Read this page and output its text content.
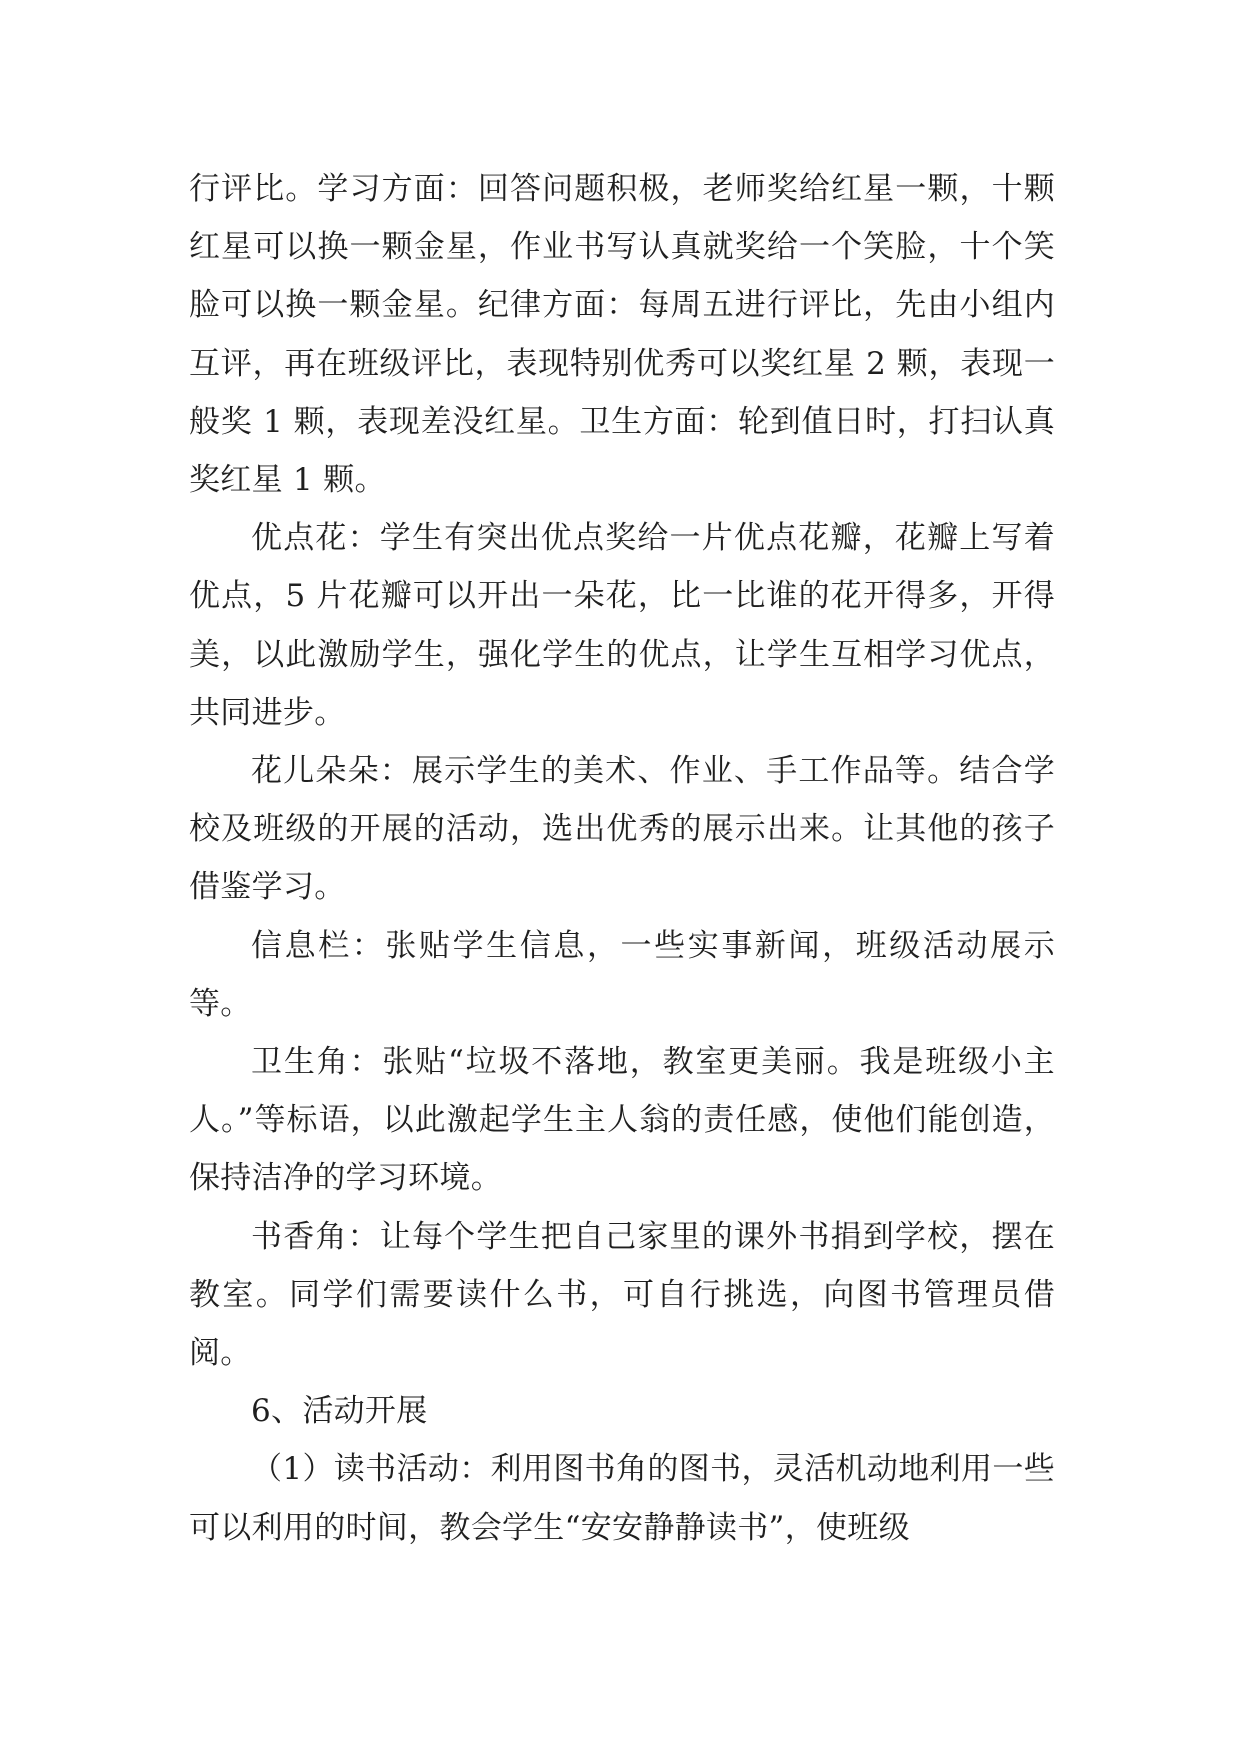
行评比。学习方面：回答问题积极，老师奖给红星一颗，十颗红星可以换一颗金星，作业书写认真就奖给一个笑脸，十个笑脸可以换一颗金星。纪律方面：每周五进行评比，先由小组内互评，再在班级评比，表现特别优秀可以奖红星 2 颗，表现一般奖 1 颗，表现差没红星。卫生方面：轮到值日时，打扫认真奖红星 1 颗。

优点花：学生有突出优点奖给一片优点花瓣，花瓣上写着优点，5 片花瓣可以开出一朵花，比一比谁的花开得多，开得美，以此激励学生，强化学生的优点，让学生互相学习优点，共同进步。

花儿朵朵：展示学生的美术、作业、手工作品等。结合学校及班级的开展的活动，选出优秀的展示出来。让其他的孩子借鉴学习。

信息栏：张贴学生信息，一些实事新闻，班级活动展示等。

卫生角：张贴“垃圾不落地，教室更美丽。我是班级小主人。”等标语，以此激起学生主人翁的责任感，使他们能创造，保持洁净的学习环境。

书香角：让每个学生把自己家里的课外书捐到学校，摆在教室。同学们需要读什么书，可自行挑选，向图书管理员借阅。

6、活动开展

（1）读书活动：利用图书角的图书，灵活机动地利用一些可以利用的时间，教会学生“安安静静读书”，使班级
